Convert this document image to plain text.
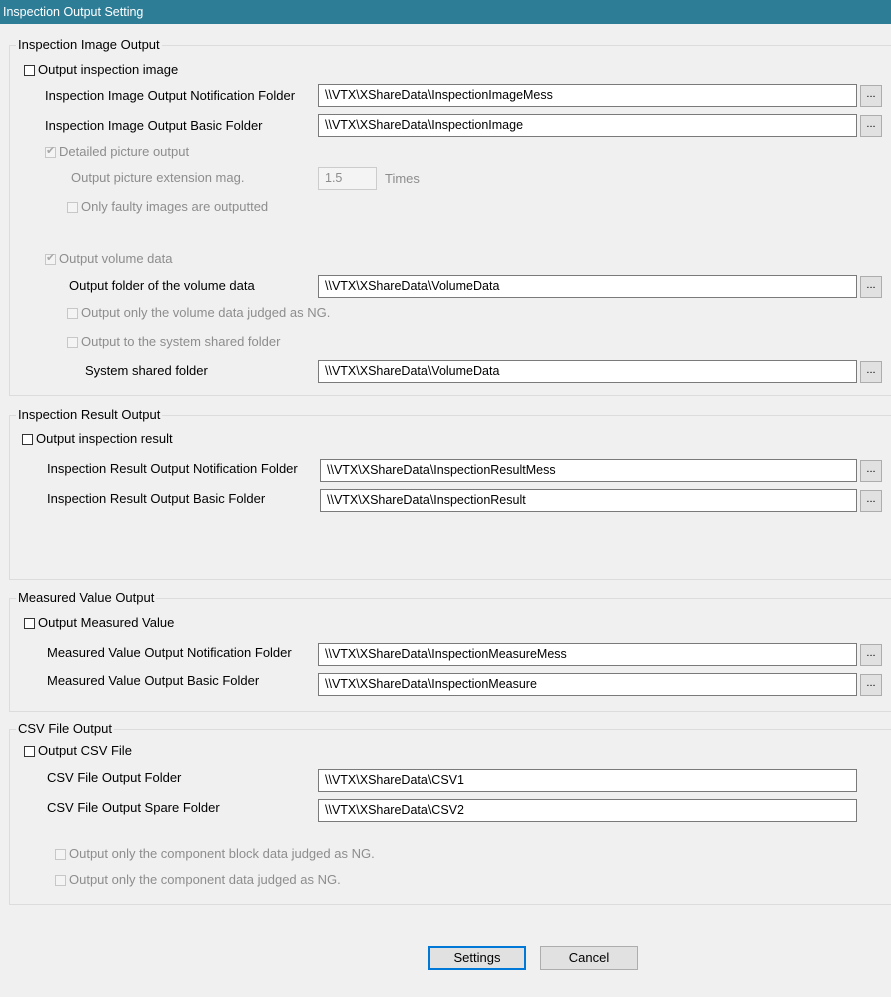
Inspection Output Setting
Inspection Image Output
Output inspection image
Inspection Image Output Notification Folder	\\VTX\XShareData\InspectionImageMess	...
Inspection Image Output Basic Folder	\\VTX\XShareData\InspectionImage	...
✔ Detailed picture output
Output picture extension mag.	1.5	Times
Only faulty images are outputted
✔ Output volume data
Output folder of the volume data	\\VTX\XShareData\VolumeData	...
Output only the volume data judged as NG.
Output to the system shared folder
System shared folder	\\VTX\XShareData\VolumeData	...
Inspection Result Output
Output inspection result
Inspection Result Output Notification Folder	\\VTX\XShareData\InspectionResultMess	...
Inspection Result Output Basic Folder	\\VTX\XShareData\InspectionResult	...
Measured Value Output
Output Measured Value
Measured Value Output Notification Folder	\\VTX\XShareData\InspectionMeasureMess	...
Measured Value Output Basic Folder	\\VTX\XShareData\InspectionMeasure	...
CSV File Output
Output CSV File
CSV File Output Folder	\\VTX\XShareData\CSV1
CSV File Output Spare Folder	\\VTX\XShareData\CSV2
Output only the component block data judged as NG.
Output only the component data judged as NG.
Settings	Cancel
